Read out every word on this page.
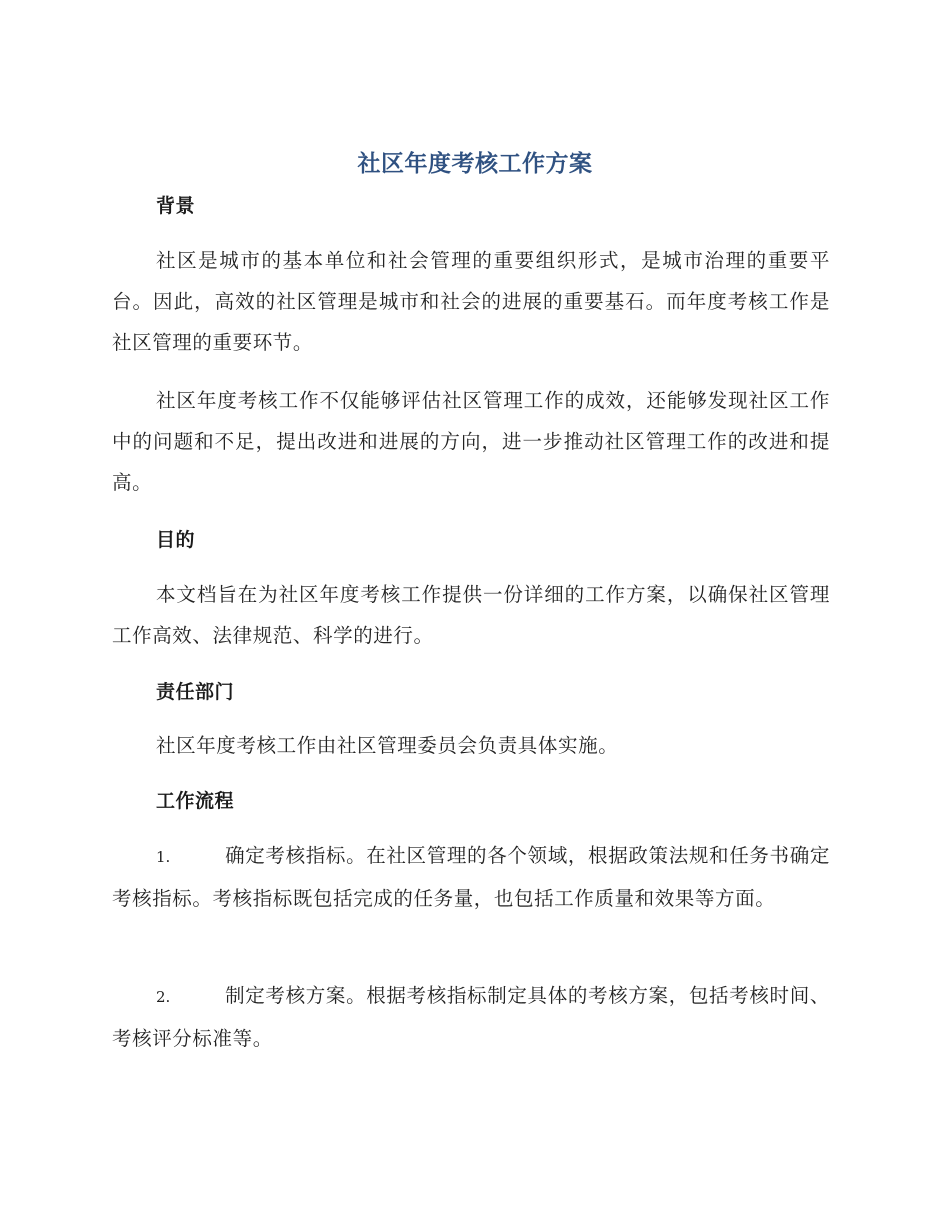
社区年度考核工作方案
背景

社区是城市的基本单位和社会管理的重要组织形式，是城市治理的重要平台。因此，高效的社区管理是城市和社会的进展的重要基石。而年度考核工作是社区管理的重要环节。

社区年度考核工作不仅能够评估社区管理工作的成效，还能够发现社区工作中的问题和不足，提出改进和进展的方向，进一步推动社区管理工作的改进和提高。

目的

本文档旨在为社区年度考核工作提供一份详细的工作方案，以确保社区管理工作高效、法律规范、科学的进行。

责任部门

社区年度考核工作由社区管理委员会负责具体实施。

工作流程

1.	确定考核指标。在社区管理的各个领域，根据政策法规和任务书确定考核指标。考核指标既包括完成的任务量，也包括工作质量和效果等方面。

2.	制定考核方案。根据考核指标制定具体的考核方案，包括考核时间、考核评分标准等。
